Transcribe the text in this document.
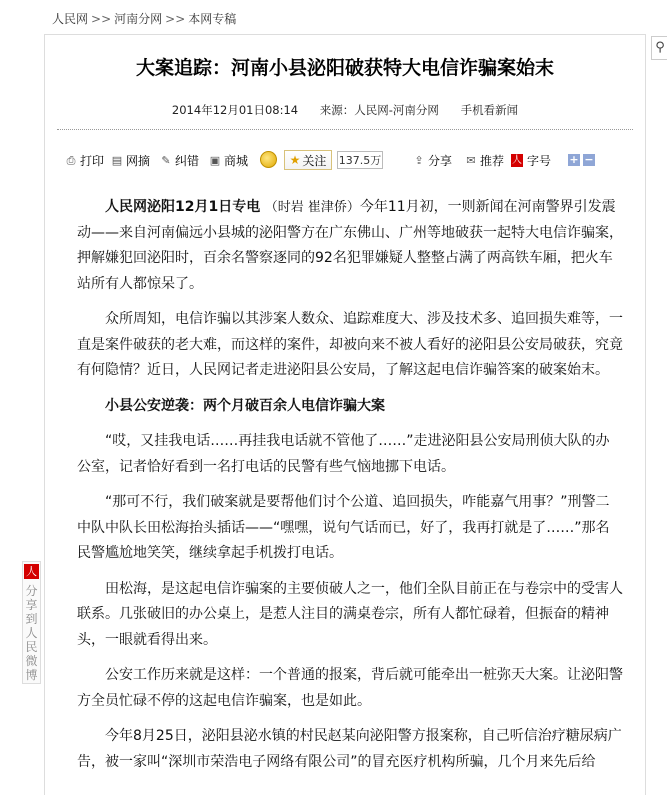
人民网 >> 河南分网 >> 本网专稿
⚲
大案追踪：河南小县泌阳破获特大电信诈骗案始末
2014年12月01日08:14 来源：人民网-河南分网 手机看新闻
⎙ 打印 ▤ 网摘 ✎ 纠错 ▣ 商城	★ 关注 137.5万	⇪ 分享 ✉ 推荐 人 字号 + −

人民网泌阳12月1日专电 （时岩 崔津侨）今年11月初，一则新闻在河南警界引发震动——来自河南偏远小县城的泌阳警方在广东佛山、广州等地破获一起特大电信诈骗案，押解嫌犯回泌阳时，百余名警察逐同的92名犯罪嫌疑人整整占满了两高铁车厢，把火车站所有人都惊呆了。

众所周知，电信诈骗以其涉案人数众、追踪难度大、涉及技术多、追回损失难等，一直是案件破获的老大难，而这样的案件，却被向来不被人看好的泌阳县公安局破获，究竟有何隐情？近日，人民网记者走进泌阳县公安局，了解这起电信诈骗答案的破案始末。

小县公安逆袭：两个月破百余人电信诈骗大案

“哎，又挂我电话……再挂我电话就不管他了……”走进泌阳县公安局刑侦大队的办公室，记者恰好看到一名打电话的民警有些气恼地挪下电话。

“那可不行，我们破案就是要帮他们讨个公道、追回损失，咋能嘉气用事？”刑警二中队中队长田松海抬头插话——“嘿嘿，说句气话而已，好了，我再打就是了……”那名民警尴尬地笑笑，继续拿起手机拨打电话。

田松海，是这起电信诈骗案的主要侦破人之一，他们全队目前正在与卷宗中的受害人联系。几张破旧的办公桌上，是惹人注目的满桌卷宗，所有人都忙碌着，但振奋的精神头，一眼就看得出来。

公安工作历来就是这样：一个普通的报案，背后就可能牵出一桩弥天大案。让泌阳警方全员忙碌不停的这起电信诈骗案，也是如此。

今年8月25日，泌阳县泌水镇的村民赵某向泌阳警方报案称，自己听信治疗糖尿病广告，被一家叫“深圳市荣浩电子网络有限公司”的冒充医疗机构所骗，几个月来先后给

人
分享到人民微博
